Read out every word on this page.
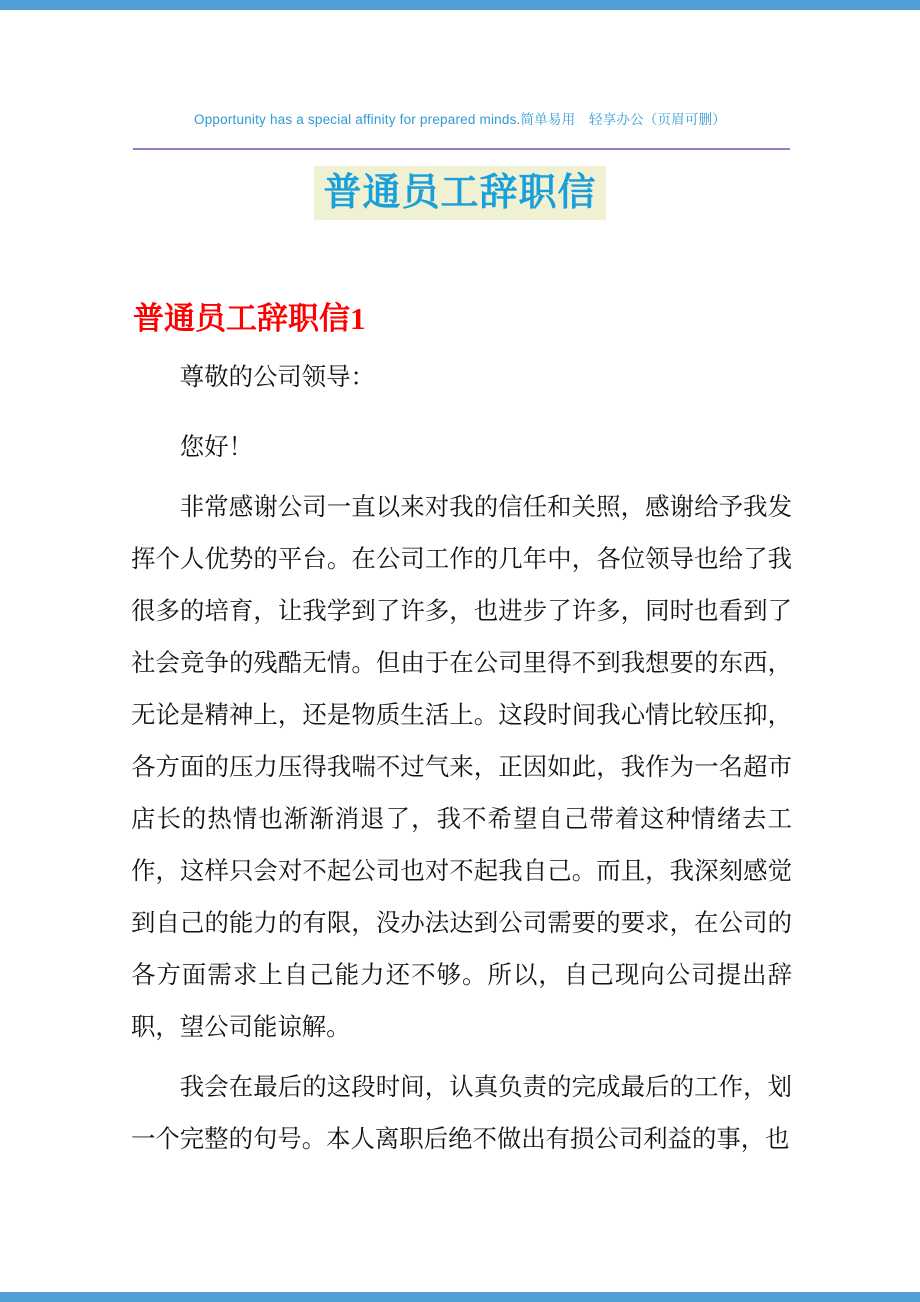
Opportunity has a special affinity for prepared minds.简单易用　轻享办公（页眉可删）
普通员工辞职信
普通员工辞职信1

尊敬的公司领导：

您好！

非常感谢公司一直以来对我的信任和关照，感谢给予我发挥个人优势的平台。在公司工作的几年中，各位领导也给了我很多的培育，让我学到了许多，也进步了许多，同时也看到了社会竞争的残酷无情。但由于在公司里得不到我想要的东西，无论是精神上，还是物质生活上。这段时间我心情比较压抑，各方面的压力压得我喘不过气来，正因如此，我作为一名超市店长的热情也渐渐消退了，我不希望自己带着这种情绪去工作，这样只会对不起公司也对不起我自己。而且，我深刻感觉到自己的能力的有限，没办法达到公司需要的要求，在公司的各方面需求上自己能力还不够。所以，自己现向公司提出辞职，望公司能谅解。

我会在最后的这段时间，认真负责的完成最后的工作，划一个完整的句号。本人离职后绝不做出有损公司利益的事，也
